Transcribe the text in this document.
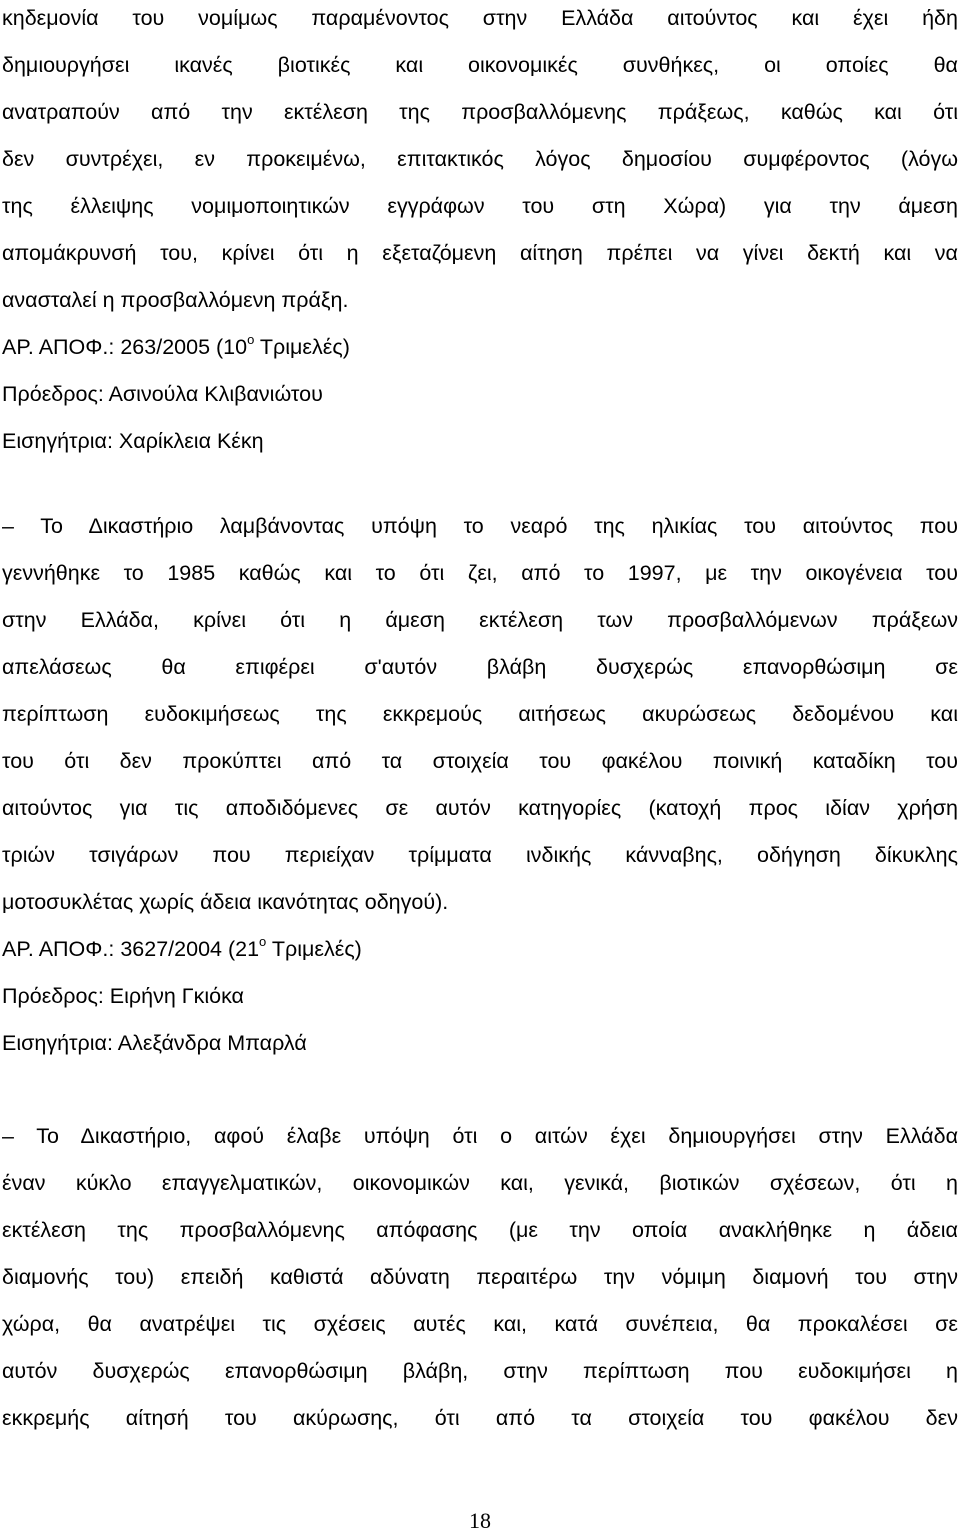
κηδεμονία του νομίμως παραμένοντος στην Ελλάδα αιτούντος και έχει ήδη
δημιουργήσει ικανές βιοτικές και οικονομικές συνθήκες, οι οποίες θα
ανατραπούν από την εκτέλεση της προσβαλλόμενης πράξεως, καθώς και ότι
δεν συντρέχει, εν προκειμένω, επιτακτικός λόγος δημοσίου συμφέροντος (λόγω
της έλλειψης νομιμοποιητικών εγγράφων του στη Χώρα) για την άμεση
απομάκρυνσή του, κρίνει ότι η εξεταζόμενη αίτηση πρέπει να γίνει δεκτή και να
ανασταλεί η προσβαλλόμενη πράξη.
ΑΡ. ΑΠΟΦ.: 263/2005 ($10^o$ Τριμελές)
Πρόεδρος: Ασινούλα Κλιβανιώτου
Εισηγήτρια: Χαρίκλεια Κέκη
– Το Δικαστήριο λαμβάνοντας υπόψη το νεαρό της ηλικίας του αιτούντος που
γεννήθηκε το 1985 καθώς και το ότι ζει, από το 1997, με την οικογένεια του
στην Ελλάδα, κρίνει ότι η άμεση εκτέλεση των προσβαλλόμενων πράξεων
απελάσεως θα επιφέρει σ'αυτόν βλάβη δυσχερώς επανορθώσιμη σε
περίπτωση ευδοκιμήσεως της εκκρεμούς αιτήσεως ακυρώσεως δεδομένου και
του ότι δεν προκύπτει από τα στοιχεία του φακέλου ποινική καταδίκη του
αιτούντος για τις αποδιδόμενες σε αυτόν κατηγορίες (κατοχή προς ιδίαν χρήση
τριών τσιγάρων που περιείχαν τρίμματα ινδικής κάνναβης, οδήγηση δίκυκλης
μοτοσυκλέτας χωρίς άδεια ικανότητας οδηγού).
ΑΡ. ΑΠΟΦ.: 3627/2004 ($21^o$ Τριμελές)
Πρόεδρος: Ειρήνη Γκιόκα
Εισηγήτρια: Αλεξάνδρα Μπαρλά
– Το Δικαστήριο, αφού έλαβε υπόψη ότι ο αιτών έχει δημιουργήσει στην Ελλάδα
έναν κύκλο επαγγελματικών, οικονομικών και, γενικά, βιοτικών σχέσεων, ότι η
εκτέλεση της προσβαλλόμενης απόφασης (με την οποία ανακλήθηκε η άδεια
διαμονής του) επειδή καθιστά αδύνατη περαιτέρω την νόμιμη διαμονή του στην
χώρα, θα ανατρέψει τις σχέσεις αυτές και, κατά συνέπεια, θα προκαλέσει σε
αυτόν δυσχερώς επανορθώσιμη βλάβη, στην περίπτωση που ευδοκιμήσει η
εκκρεμής αίτησή του ακύρωσης, ότι από τα στοιχεία του φακέλου δεν
18
